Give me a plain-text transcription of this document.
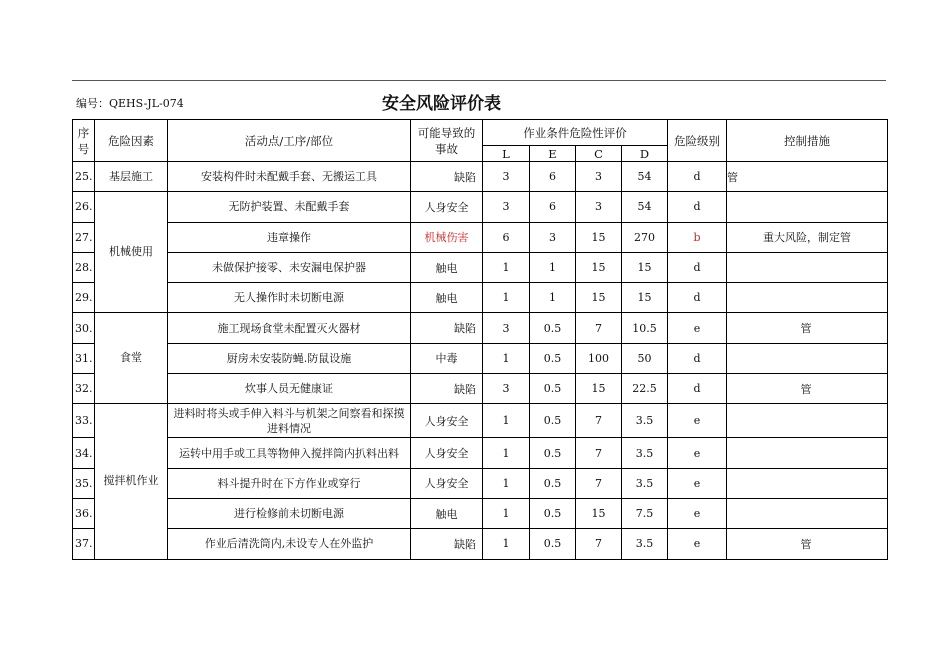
编号：QEHS-JL-074	安全风险评价表
序号	危险因素	活动点/工序/部位	可能导致的事故	作业条件危险性评价				危险级别	控制措施
				L	E	C	D		
25.	基层施工	安装构件时未配戴手套、无搬运工具	缺陷	3	6	3	54	d	管
26.	机械使用	无防护装置、未配戴手套	人身安全	3	6	3	54	d	
27.		违章操作	机械伤害	6	3	15	270	b	重大风险，制定管
28.		未做保护接零、未安漏电保护器	触电	1	1	15	15	d	
29.		无人操作时未切断电源	触电	1	1	15	15	d	
30.	食堂	施工现场食堂未配置灭火器材	缺陷	3	0.5	7	10.5	e	管
31.		厨房未安装防蝇.防鼠设施	中毒	1	0.5	100	50	d	
32.		炊事人员无健康证	缺陷	3	0.5	15	22.5	d	管
33.	搅拌机作业	进料时将头或手伸入料斗与机架之间察看和探摸进料情况	人身安全	1	0.5	7	3.5	e	
34.		运转中用手或工具等物伸入搅拌筒内扒料出料	人身安全	1	0.5	7	3.5	e	
35.		料斗提升时在下方作业或穿行	人身安全	1	0.5	7	3.5	e	
36.		进行检修前未切断电源	触电	1	0.5	15	7.5	e	
37.		作业后清洗筒内,未设专人在外监护	缺陷	1	0.5	7	3.5	e	管
